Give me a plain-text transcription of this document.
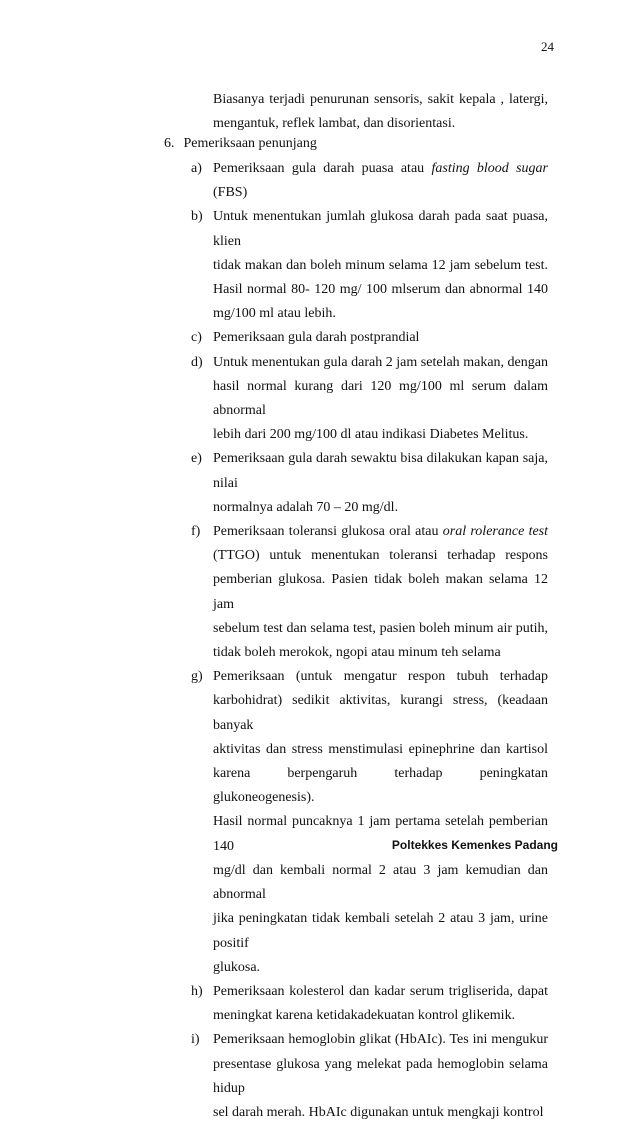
24
Biasanya terjadi penurunan sensoris, sakit kepala , latergi,
mengantuk, reflek lambat, dan disorientasi.
6. Pemeriksaan penunjang
a) Pemeriksaan gula darah puasa atau fasting blood sugar (FBS)
b) Untuk menentukan jumlah glukosa darah pada saat puasa, klien
tidak makan dan boleh minum selama 12 jam sebelum test.
Hasil normal 80- 120 mg/ 100 mlserum dan abnormal 140
mg/100 ml atau lebih.
c) Pemeriksaan gula darah postprandial
d) Untuk menentukan gula darah 2 jam setelah makan, dengan
hasil normal kurang dari 120 mg/100 ml serum dalam abnormal
lebih dari 200 mg/100 dl atau indikasi Diabetes Melitus.
e) Pemeriksaan gula darah sewaktu bisa dilakukan kapan saja, nilai
normalnya adalah 70 – 20 mg/dl.
f) Pemeriksaan toleransi glukosa oral atau oral rolerance test
(TTGO) untuk menentukan toleransi terhadap respons
pemberian glukosa. Pasien tidak boleh makan selama 12 jam
sebelum test dan selama test, pasien boleh minum air putih,
tidak boleh merokok, ngopi atau minum teh selama
g) Pemeriksaan (untuk mengatur respon tubuh terhadap
karbohidrat) sedikit aktivitas, kurangi stress, (keadaan banyak
aktivitas dan stress menstimulasi epinephrine dan kartisol
karena berpengaruh terhadap peningkatan glukoneogenesis).
Hasil normal puncaknya 1 jam pertama setelah pemberian 140
mg/dl dan kembali normal 2 atau 3 jam kemudian dan abnormal
jika peningkatan tidak kembali setelah 2 atau 3 jam, urine positif
glukosa.
h) Pemeriksaan kolesterol dan kadar serum trigliserida, dapat
meningkat karena ketidakadekuatan kontrol glikemik.
i) Pemeriksaan hemoglobin glikat (HbAIc). Tes ini mengukur
presentase glukosa yang melekat pada hemoglobin selama hidup
sel darah merah. HbAIc digunakan untuk mengkaji kontrol
Poltekkes Kemenkes Padang
